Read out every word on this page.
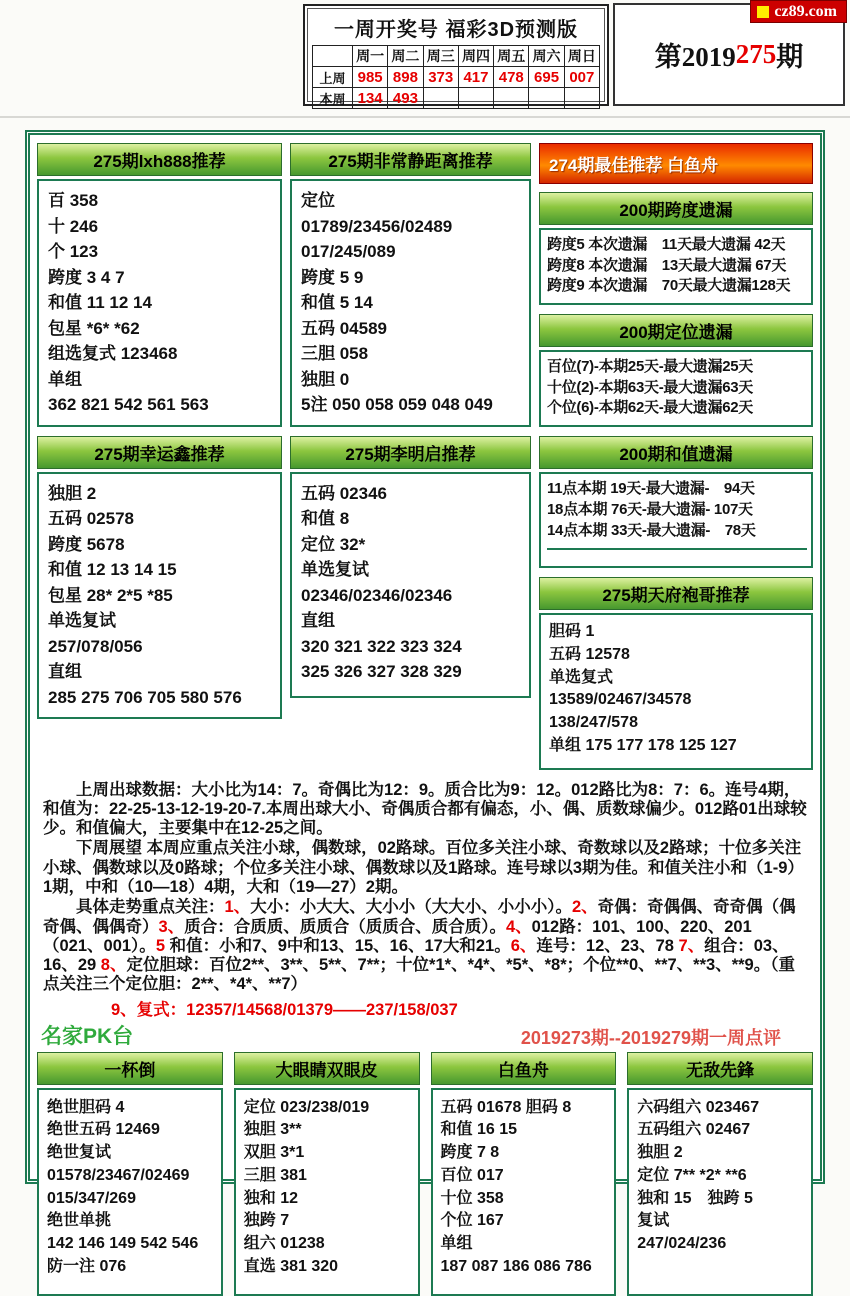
一周开奖号 福彩3D预测版
	周一	周二	周三	周四	周五	周六	周日
上周	985	898	373	417	478	695	007
本周	134	493					
第2019 275 期
cz89.com
275期lxh888推荐
百 358
十 246
个 123
跨度 3 4 7
和值 11 12 14
包星 *6* *62
组选复式 123468
单组
362 821 542 561 563
275期幸运鑫推荐
独胆 2
五码 02578
跨度 5678
和值 12 13 14 15
包星 28* 2*5 *85
单选复试
257/078/056
直组
285 275 706 705 580 576
275期非常静距离推荐
定位
01789/23456/02489
017/245/089
跨度 5 9
和值 5 14
五码 04589
三胆 058
独胆 0
5注 050 058 059 048 049
275期李明启推荐
五码 02346
和值 8
定位 32*
单选复试
02346/02346/02346
直组
320 321 322 323 324
325 326 327 328 329
274期最佳推荐 白鱼舟
200期跨度遗漏
跨度5 本次遗漏　11天最大遗漏 42天
跨度8 本次遗漏　13天最大遗漏 67天
跨度9 本次遗漏　70天最大遗漏128天
200期定位遗漏
百位(7)-本期25天-最大遗漏25天
十位(2)-本期63天-最大遗漏63天
个位(6)-本期62天-最大遗漏62天
200期和值遗漏
11点本期 19天-最大遗漏-　94天
18点本期 76天-最大遗漏- 107天
14点本期 33天-最大遗漏-　78天
275期天府袍哥推荐
胆码 1
五码 12578
单选复式
13589/02467/34578
138/247/578
单组 175 177 178 125 127

上周出球数据：大小比为14：7。奇偶比为12：9。质合比为9：12。012路比为8：7：6。连号4期，和值为：22-25-13-12-19-20-7.本周出球大小、奇偶质合都有偏态，小、偶、质数球偏少。012路01出球较少。和值偏大，主要集中在12-25之间。

下周展望 本周应重点关注小球，偶数球，02路球。百位多关注小球、奇数球以及2路球；十位多关注小球、偶数球以及0路球；个位多关注小球、偶数球以及1路球。连号球以3期为佳。和值关注小和（1-9）1期，中和（10—18）4期，大和（19—27）2期。

具体走势重点关注：1、大小：小大大、大小小（大大小、小小小）。2、奇偶：奇偶偶、奇奇偶（偶奇偶、偶偶奇）3、质合：合质质、质质合（质质合、质合质）。4、012路：101、100、220、201（021、001）。5 和值：小和7、9中和13、15、16、17大和21。6、连号：12、23、78 7、组合：03、16、29 8、定位胆球：百位2**、3**、5**、7**；十位*1*、*4*、*5*、*8*；个位**0、**7、**3、**9。（重点关注三个定位胆：2**、*4*、**7）

9、复式：12357/14568/01379——237/158/037
名家PK台	2019273期--2019279期一周点评
一杯倒
绝世胆码 4
绝世五码 12469
绝世复试
01578/23467/02469
015/347/269
绝世单挑
142 146 149 542 546
防一注 076
大眼睛双眼皮
定位 023/238/019
独胆 3**
双胆 3*1
三胆 381
独和 12
独跨 7
组六 01238
直选 381 320
白鱼舟
五码 01678 胆码 8
和值 16 15
跨度 7 8
百位 017
十位 358
个位 167
单组
187 087 186 086 786
无敌先鋒
六码组六 023467
五码组六 02467
独胆 2
定位 7** *2* **6
独和 15　独跨 5
复试
247/024/236
